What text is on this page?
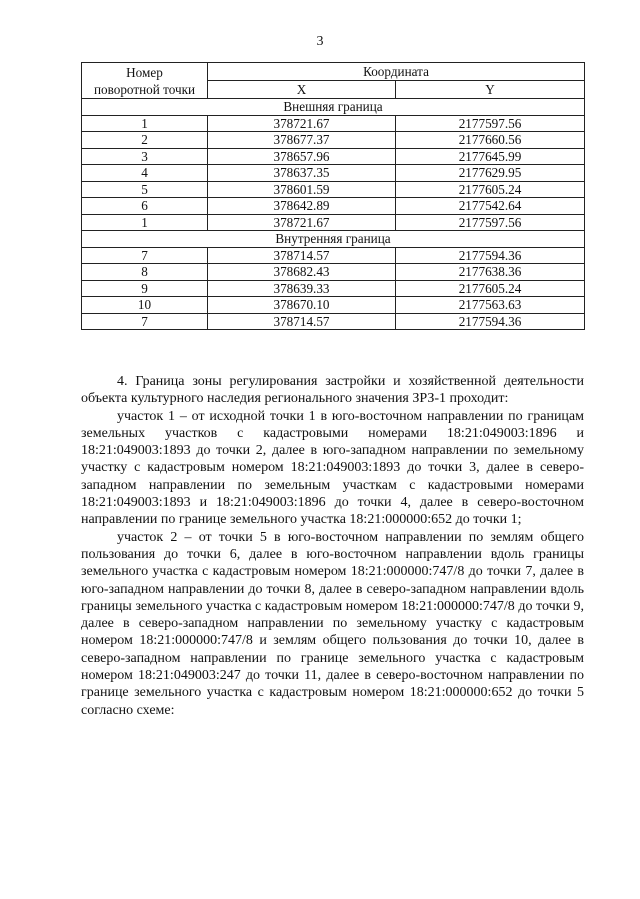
3
Номер
поворотной точки	Координата	
	X	Y
Внешняя граница		
1	378721.67	2177597.56
2	378677.37	2177660.56
3	378657.96	2177645.99
4	378637.35	2177629.95
5	378601.59	2177605.24
6	378642.89	2177542.64
1	378721.67	2177597.56
Внутренняя граница		
7	378714.57	2177594.36
8	378682.43	2177638.36
9	378639.33	2177605.24
10	378670.10	2177563.63
7	378714.57	2177594.36

4. Граница зоны регулирования застройки и хозяйственной деятельности объекта культурного наследия регионального значения ЗРЗ-1 проходит:

участок 1 – от исходной точки 1 в юго-восточном направлении по границам земельных участков с кадастровыми номерами 18:21:049003:1896 и 18:21:049003:1893 до точки 2, далее в юго-западном направлении по земельному участку с кадастровым номером 18:21:049003:1893 до точки 3, далее в северо-западном направлении по земельным участкам с кадастровыми номерами 18:21:049003:1893 и 18:21:049003:1896 до точки 4, далее в северо-восточном направлении по границе земельного участка 18:21:000000:652 до точки 1;

участок 2 – от точки 5 в юго-восточном направлении по землям общего пользования до точки 6, далее в юго-восточном направлении вдоль границы земельного участка с кадастровым номером 18:21:000000:747/8 до точки 7, далее в юго-западном направлении до точки 8, далее в северо-западном направлении вдоль границы земельного участка с кадастровым номером 18:21:000000:747/8 до точки 9, далее в северо-западном направлении по земельному участку с кадастровым номером 18:21:000000:747/8 и землям общего пользования до точки 10, далее в северо-западном направлении по границе земельного участка с кадастровым номером 18:21:049003:247 до точки 11, далее в северо-восточном направлении по границе земельного участка с кадастровым номером 18:21:000000:652 до точки 5 согласно схеме:
